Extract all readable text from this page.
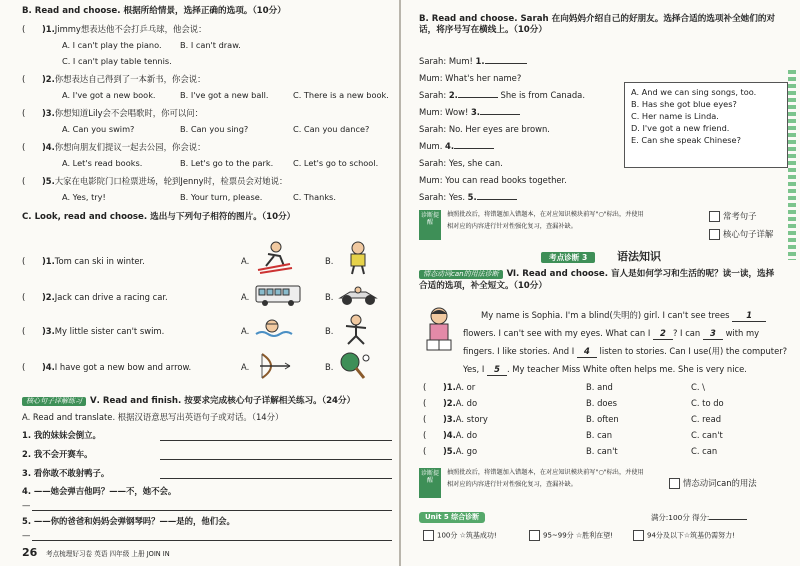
B. Read and choose. 根据所给情景，选择正确的选项。（10分）
( )1.Jimmy想表达他不会打乒乓球，他会说：
A. I can't play the piano. B. I can't draw.
C. I can't play table tennis.
( )2.你想表达自己得到了一本新书，你会说：
A. I've got a new book.	B. I've got a new ball.	C. There is a new book.
( )3.你想知道Lily会不会唱歌时，你可以问：
A. Can you swim?	B. Can you sing?	C. Can you dance?
( )4.你想向朋友们提议一起去公园，你会说：
A. Let's read books.	B. Let's go to the park. C. Let's go to school.
( )5.大家在电影院门口检票进场，轮到Jenny时，检票员会对她说：
A. Yes, try!	B. Your turn, please.	C. Thanks.
C. Look, read and choose. 选出与下列句子相符的图片。（10分）
( )1.Tom can ski in winter.
( )2.Jack can drive a racing car.
( )3.My little sister can't swim.
( )4.I have got a new bow and arrow.
A.	B.
A.	B.
A.	B.
A.	B.
核心句子详解练习 Ⅴ. Read and finish. 按要求完成核心句子详解相关练习。（24分）
A. Read and translate. 根据汉语意思写出英语句子或对话。（14分）
1. 我的妹妹会倒立。
2. 我不会开赛车。
3. 看你敢不敢射鸭子。
4. ——她会弹吉他吗？——不，她不会。
—
5. ——你的爸爸和妈妈会弹钢琴吗？——是的，他们会。
—
26 考点梳理好习卷 英语 四年级 上册 JOIN IN
B. Read and choose. Sarah 在向妈妈介绍自己的好朋友。选择合适的选项补全她们的对话，将序号写在横线上。（10分）
Sarah: Mum! 1.
Mum: What's her name?
Sarah: 2.	She is from Canada.
Mum: Wow! 3.
Sarah: No. Her eyes are brown.
Mum. 4.
Sarah: Yes, she can.
Mum: You can read books together.
Sarah: Yes. 5.
A. And we can sing songs, too.
B. Has she got blue eyes?
C. Her name is Linda.
D. I've got a new friend.
E. Can she speak Chinese?
诊断提醒
抽照批改后，将错题加入错题本，在对应知识模块前写"○"标出，并使用
相对应的内容进行针对性强化复习，查漏补缺。
常考句子
核心句子详解
考点诊断 3	语法知识
情态动词can的用法诊断 Ⅵ. Read and choose. 盲人是如何学习和生活的呢？读一读，选择合适的选项，补全短文。（10分）
My name is Sophia. I'm a blind(失明的) girl. I can't see trees 1
flowers. I can't see with my eyes. What can I 2 ? I can 3 with my
fingers. I like stories. And I 4 listen to stories. Can I use(用) the computer?
Yes, I 5 . My teacher Miss White often helps me. She is very nice.
( )1.A. or	B. and	C. \
( )2.A. do	B. does	C. to do
( )3.A. story	B. often	C. read
( )4.A. do	B. can	C. can't
( )5.A. go	B. can't	C. can
诊断提醒
抽照批改后，将错题加入错题本，在对应知识模块前写"○"标出，并使用
相对应的内容进行针对性强化复习，查漏补缺。	情态动词can的用法
Unit 5 综合诊断	满分:100分 得分:
100分 ☆筑基成功!	95~99分 ☆胜利在望!	94分及以下☆筑基仍需努力!
